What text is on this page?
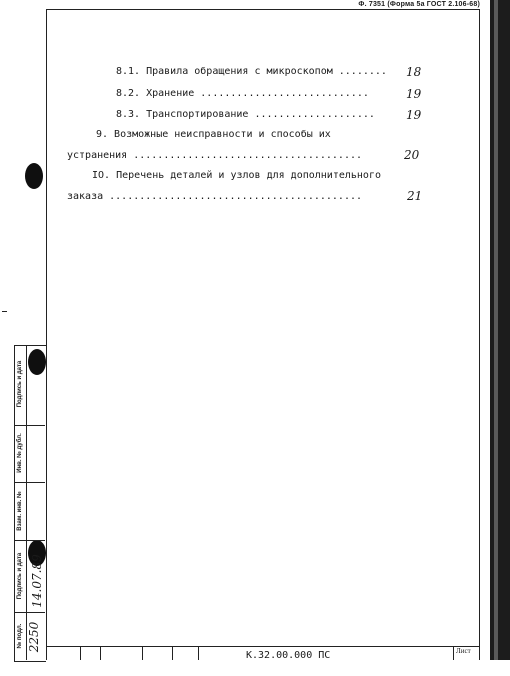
Ф. 7351 (Форма 5а ГОСТ 2.106-68)
8.1. Правила обращения с микроскопом ........ 18
8.2. Хранение ............................	19
8.3. Транспортирование ....................	19
9. Возможные неисправности и способы их
устранения ......................................	20
IO. Перечень деталей и узлов для дополнительного
заказа ..........................................	21
Подпись и дата
Инв. № дубл.
Взам. инв. №
Подпись и дата
№ подл.
14.07.89
2250
К.32.00.000 ПС	Лист
